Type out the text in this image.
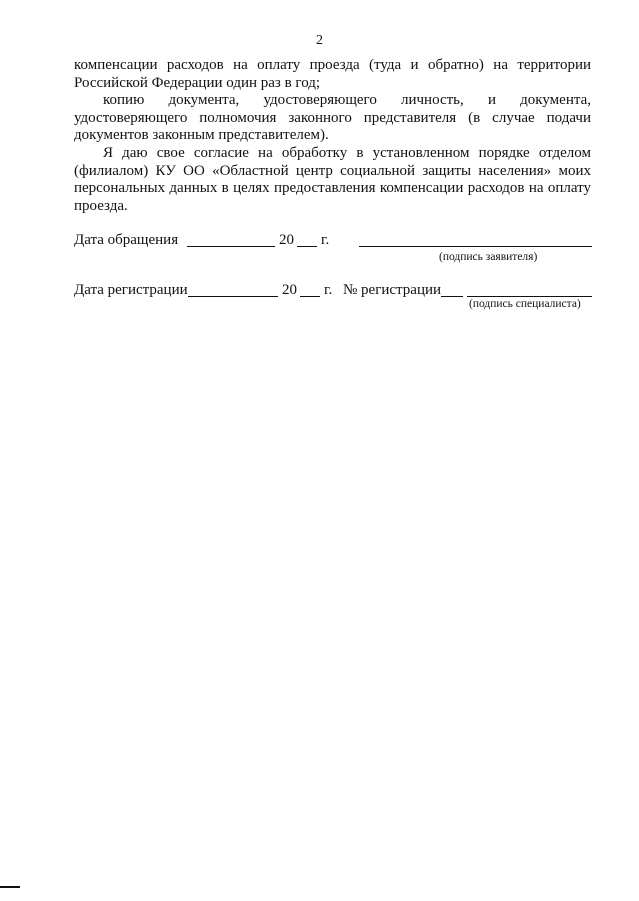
2

компенсации расходов на оплату проезда (туда и обратно) на территории Российской Федерации один раз в год;

копию документа, удостоверяющего личность, и документа, удостоверяющего полномочия законного представителя (в случае подачи документов законным представителем).

Я даю свое согласие на обработку в установленном порядке отделом (филиалом) КУ ОО «Областной центр социальной защиты населения» моих персональных данных в целях предоставления компенсации расходов на оплату проезда.

Дата обращения	20 г.
(подпись заявителя)
Дата регистрации	20 г. № регистрации
(подпись специалиста)
